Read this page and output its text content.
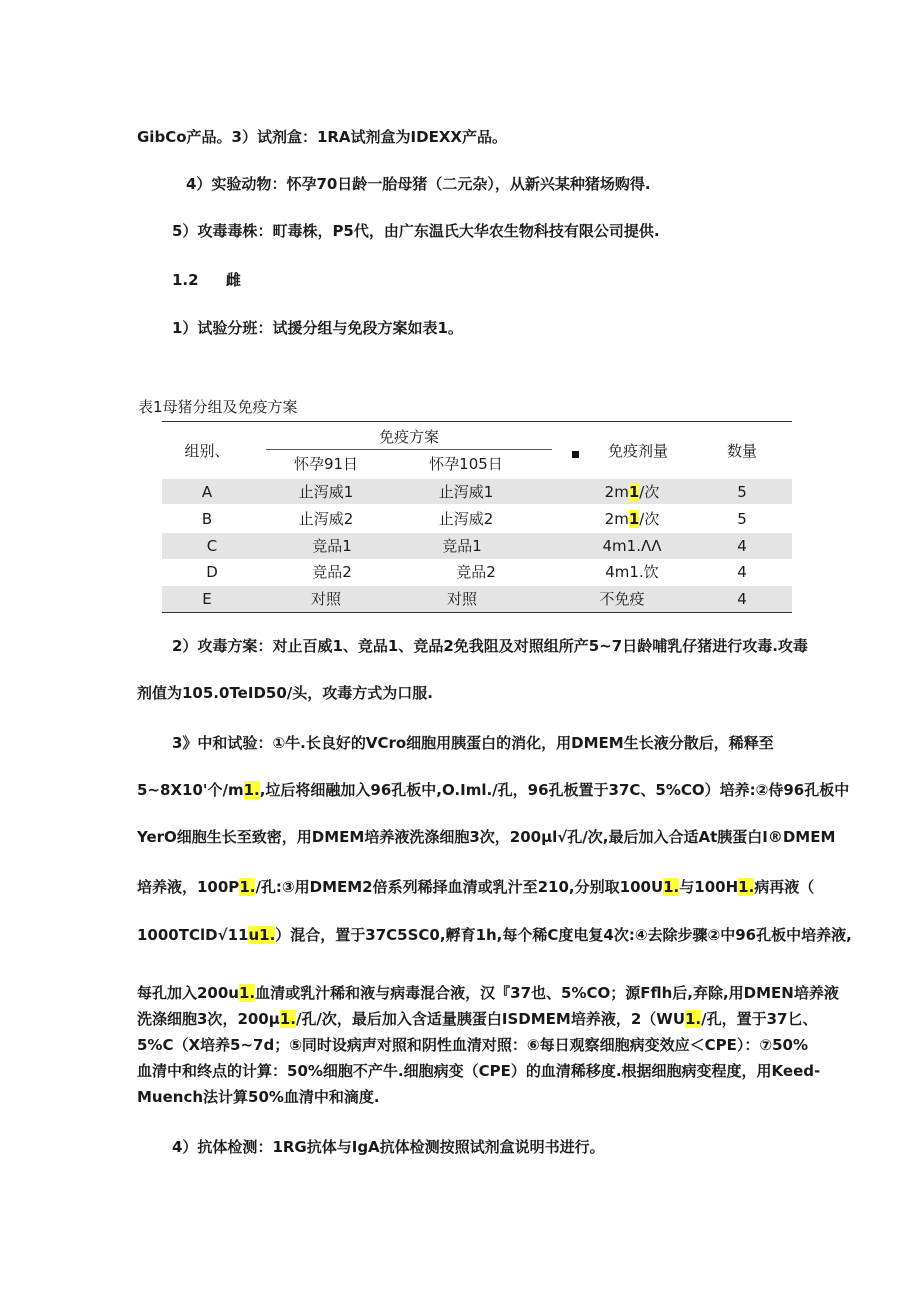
GibCo产品。3）试剂盒：1RA试剂盒为IDEXX产品。
4）实验动物：怀孕70日龄一胎母猪（二元杂），从新兴某种猪场购得.
5）攻毒毒株：町毒株，P5代，由广东温氏大华农生物科技有限公司提供.
1.2 雌
1）试验分班：试援分组与免段方案如表1。
表1母猪分组及免疫方案
组别、
免疫方案
怀孕91日	怀孕105日
免疫剂量	数量
A	止泻威1	止泻威1	2m1/次	5
B	止泻威2	止泻威2	2m1/次	5
C	竞品1	竞品1	4m1.ΛΛ	4
D	竞品2	竞品2	4m1.饮	4
E	对照	对照	不免疫	4
2）攻毒方案：对止百威1、竞品1、竞品2免我阻及对照组所产5~7日龄哺乳仔猪进行攻毒.攻毒
剂值为105.0TeID50/头，攻毒方式为口服.
3》中和试验：①牛.长良好的VCro细胞用胰蛋白的消化，用DMEM生长液分散后，稀释至
5~8X10'个/m1.,垃后将细融加入96孔板中,O.Iml./孔，96孔板置于37C、5%CO）培养:②侍96孔板中
YerO细胞生长至致密，用DMEM培养液洗涤细胞3次，200μl√孔/次,最后加入合适At胰蛋白I®DMEM
培养液，100P1./孔:③用DMEM2倍系列稀择血清或乳汁至210,分别取100U1.与100H1.病再液（
1000TClD√11u1.）混合，置于37C5SC0,孵育1h,每个稀C度电复4次:④去除步骤②中96孔板中培养液,
每孔加入200u1.血清或乳汁稀和液与病毒混合液，汉『37也、5%CO；源Fflh后,弃除,用DMEN培养液
洗涤细胞3次，200μ1./孔/次，最后加入含适量胰蛋白ISDMEM培养液，2（WU1./孔，置于37匕、
5%C（X培养5~7d；⑤同时设病声对照和阴性血清对照：⑥每日观察细胞病变效应＜CPE）：⑦50%
血清中和终点的计算：50%细胞不产牛.细胞病变（CPE）的血清稀移度.根据细胞病变程度，用Keed-
Muench法计算50%血清中和滴度.
4）抗体检测：1RG抗体与IgA抗体检测按照试剂盒说明书进行。
